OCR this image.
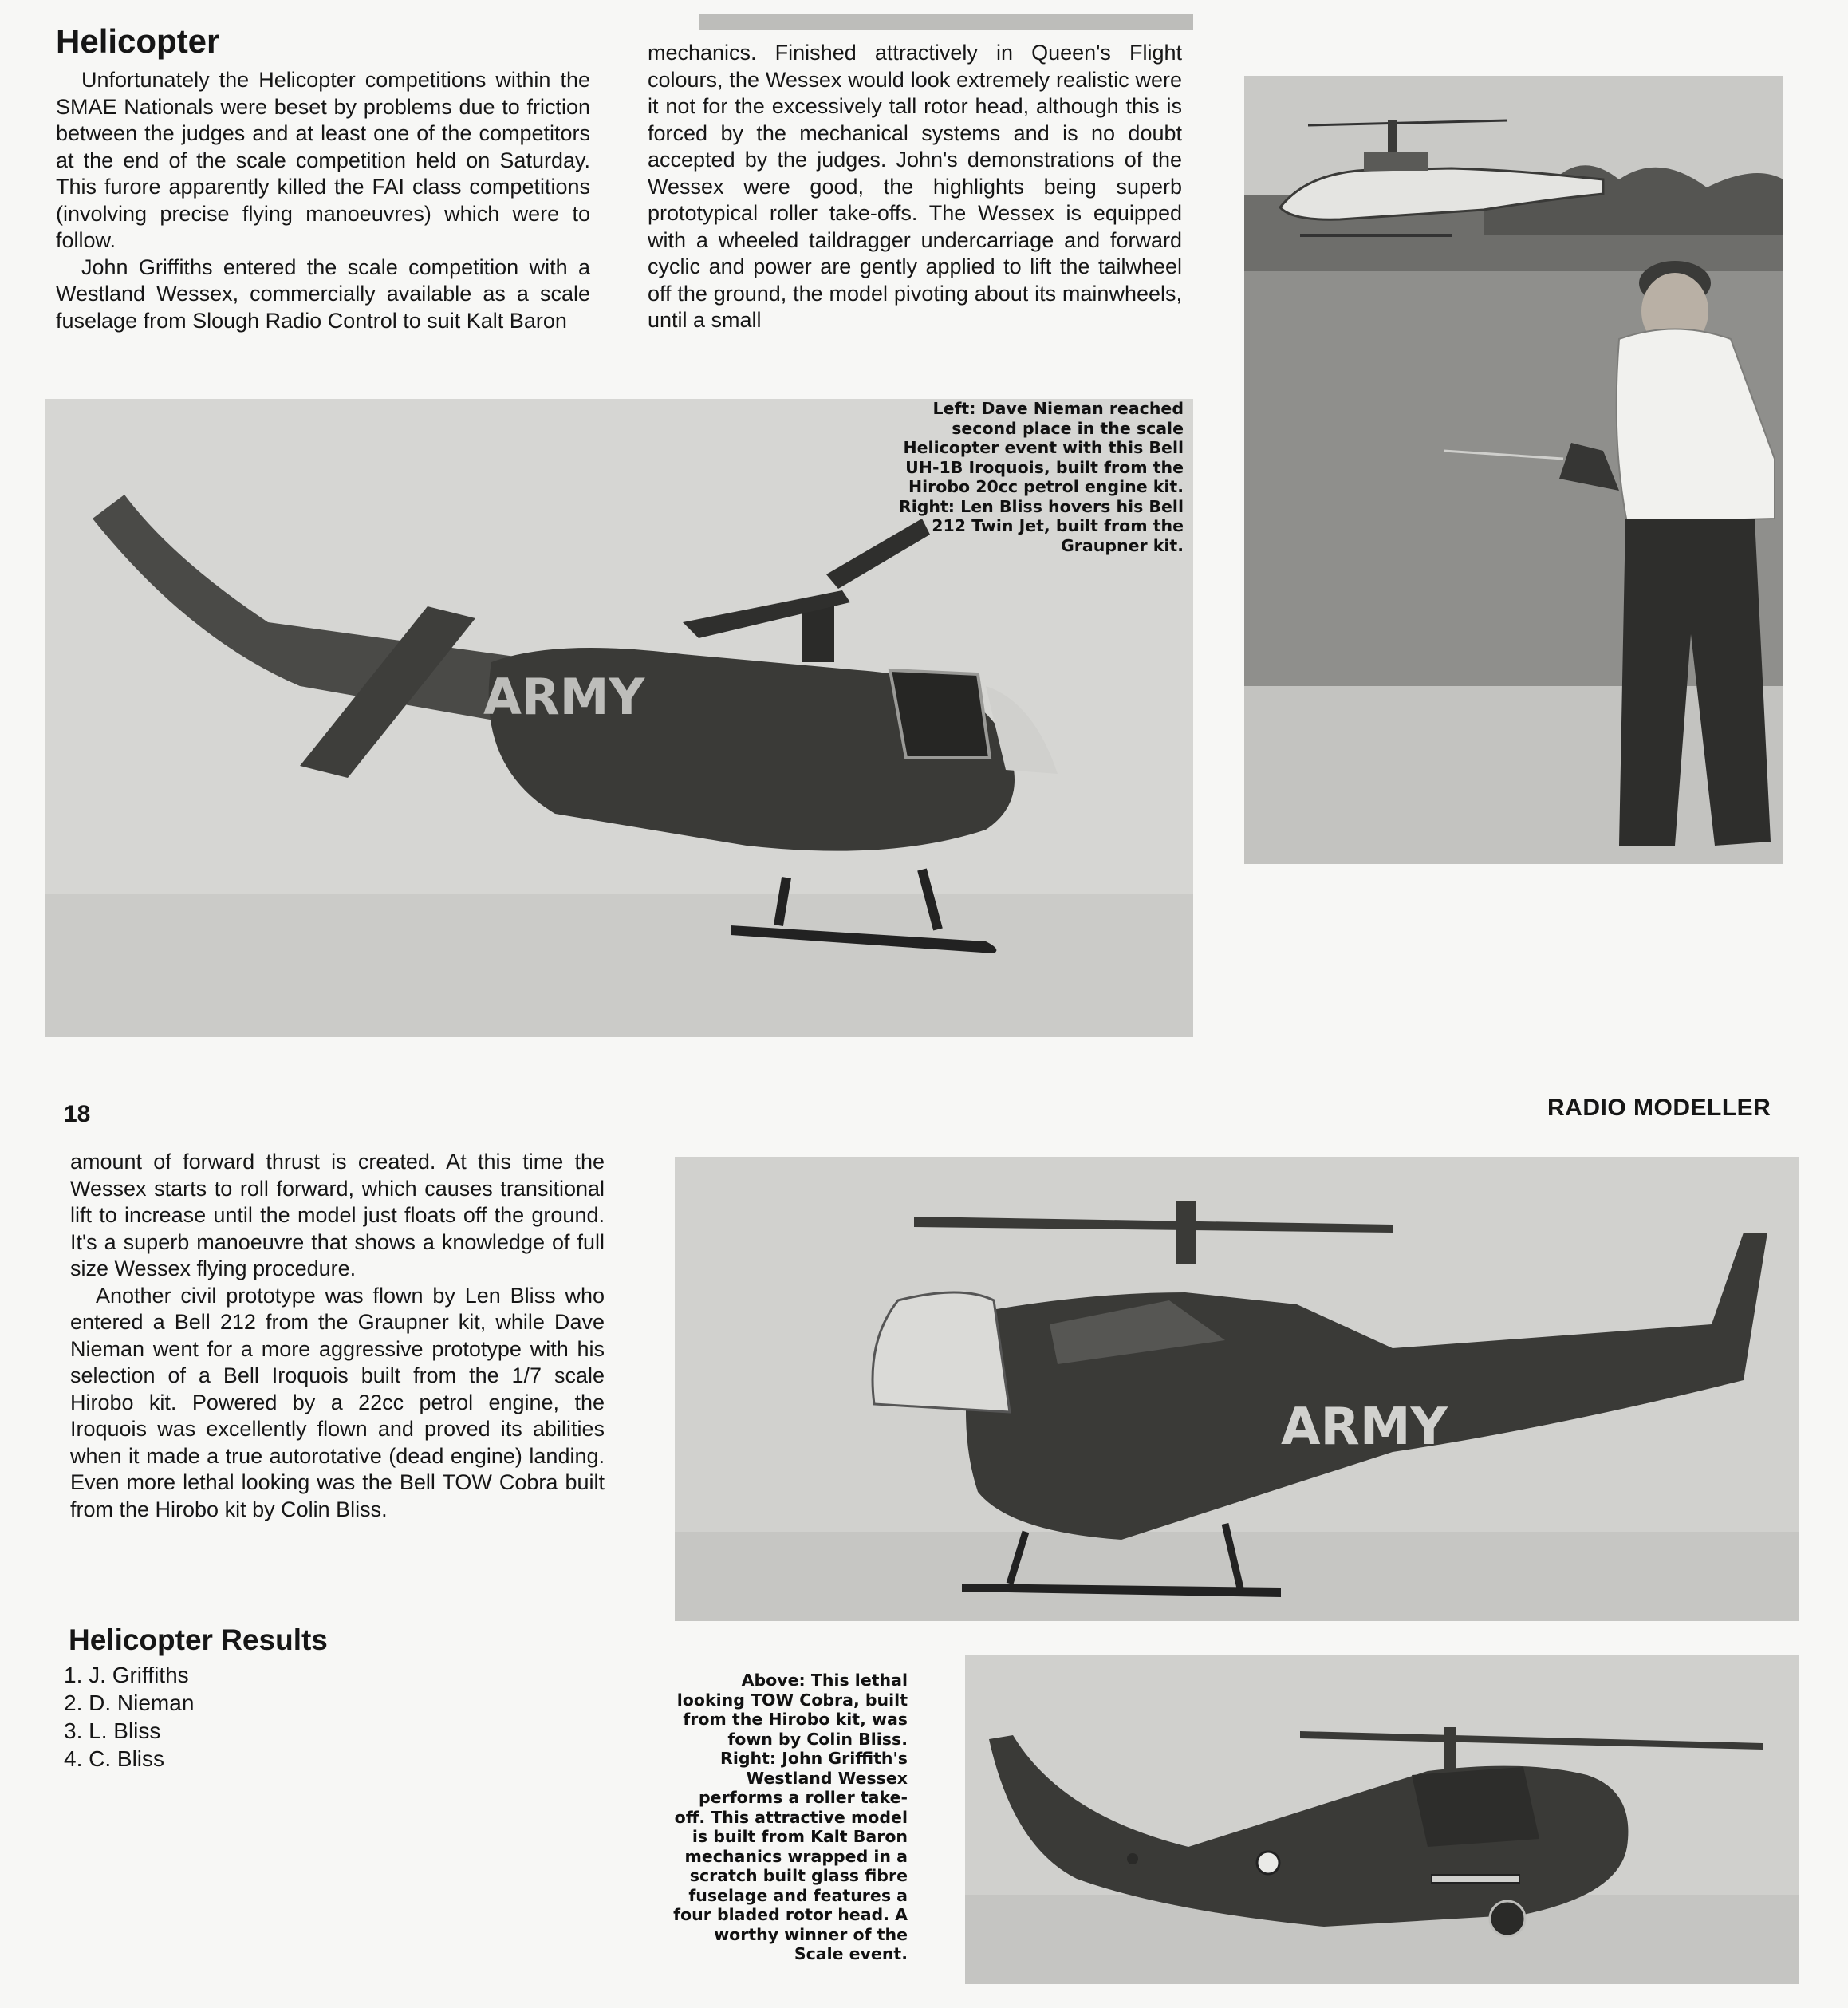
Helicopter

Unfortunately the Helicopter competitions within the SMAE Nationals were beset by problems due to friction between the judges and at least one of the competitors at the end of the scale competition held on Saturday. This furore apparently killed the FAI class competitions (involving precise flying manoeuvres) which were to follow.

John Griffiths entered the scale competition with a Westland Wessex, commercially available as a scale fuselage from Slough Radio Control to suit Kalt Baron

mechanics. Finished attractively in Queen's Flight colours, the Wessex would look extremely realistic were it not for the excessively tall rotor head, although this is forced by the mechanical systems and is no doubt accepted by the judges. John's demonstrations of the Wessex were good, the highlights being superb prototypical roller take-offs. The Wessex is equipped with a wheeled taildragger undercarriage and forward cyclic and power are gently applied to lift the tailwheel off the ground, the model pivoting about its mainwheels, until a small

ARMY
Left: Dave Nieman reached second place in the scale Helicopter event with this Bell UH-1B Iroquois, built from the Hirobo 20cc petrol engine kit. Right: Len Bliss hovers his Bell 212 Twin Jet, built from the Graupner kit.
18	RADIO MODELLER

amount of forward thrust is created. At this time the Wessex starts to roll forward, which causes transitional lift to increase until the model just floats off the ground. It's a superb manoeuvre that shows a knowledge of full size Wessex flying procedure.

Another civil prototype was flown by Len Bliss who entered a Bell 212 from the Graupner kit, while Dave Nieman went for a more aggressive prototype with his selection of a Bell Iroquois built from the 1/7 scale Hirobo kit. Powered by a 22cc petrol engine, the Iroquois was excellently flown and proved its abilities when it made a true autorotative (dead engine) landing. Even more lethal looking was the Bell TOW Cobra built from the Hirobo kit by Colin Bliss.

Helicopter Results
1. J. Griffiths
2. D. Nieman
3. L. Bliss
4. C. Bliss
ARMY
Above: This lethal looking TOW Cobra, built from the Hirobo kit, was fown by Colin Bliss. Right: John Griffith's Westland Wessex performs a roller take-off. This attractive model is built from Kalt Baron mechanics wrapped in a scratch built glass fibre fuselage and features a four bladed rotor head. A worthy winner of the Scale event.
